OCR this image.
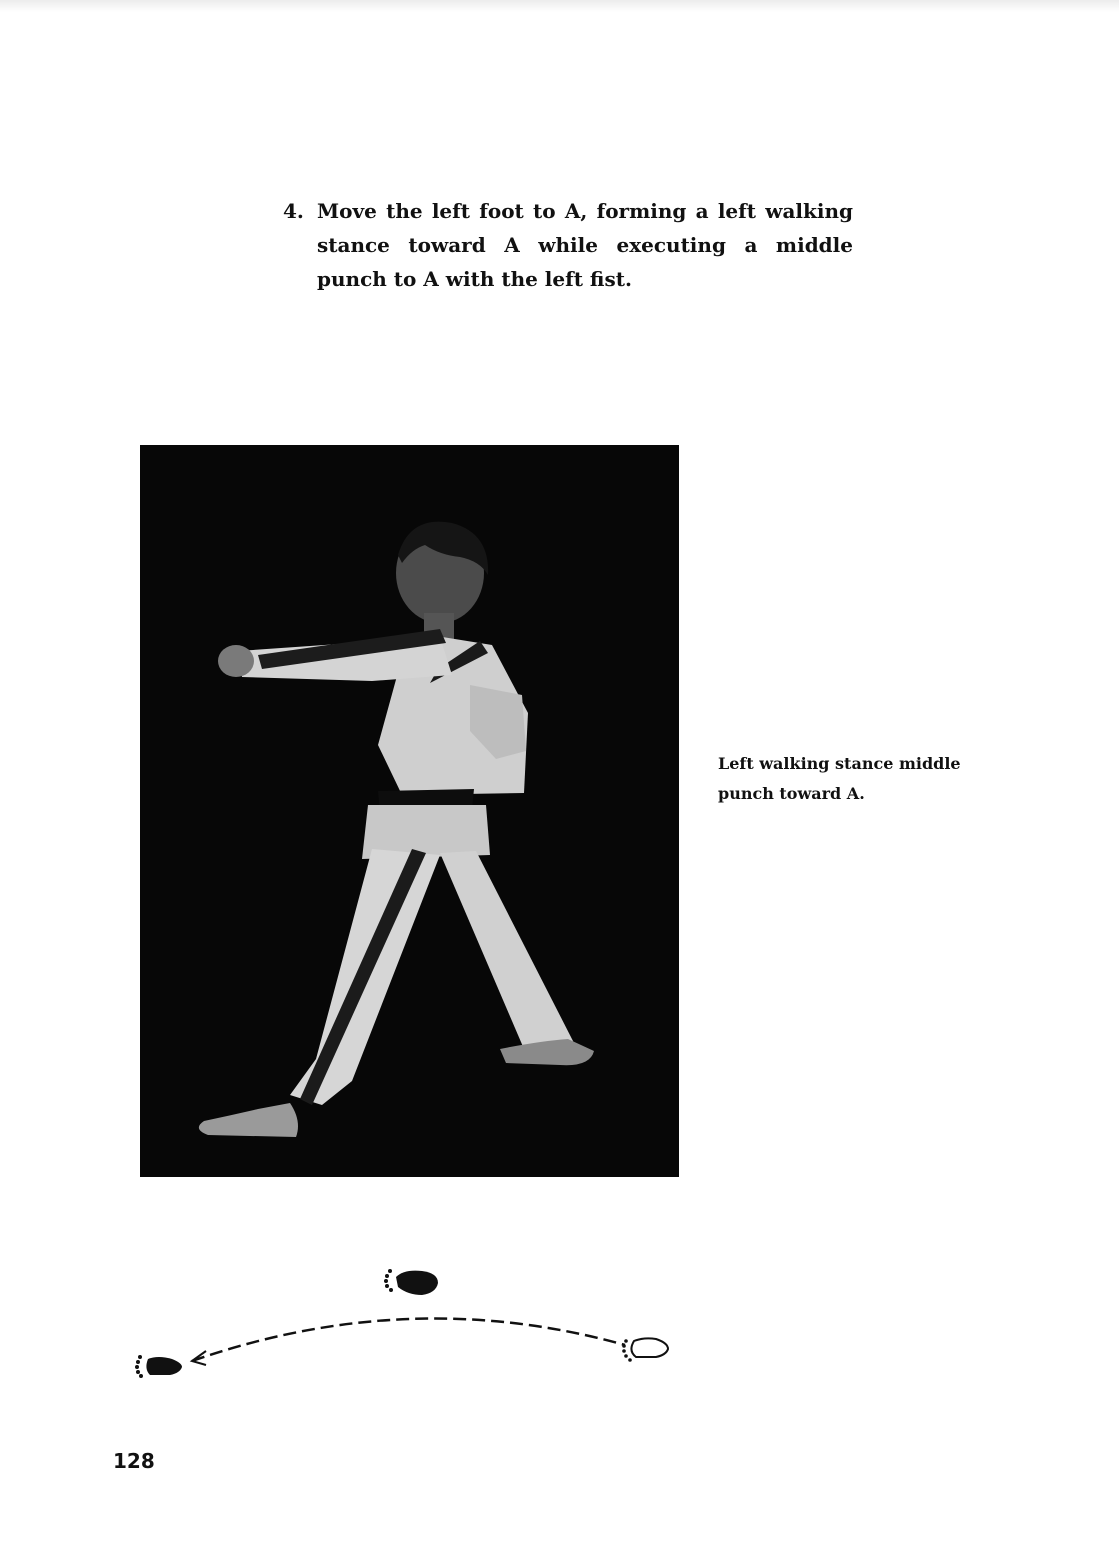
4. Move the left foot to A, forming a left walking stance toward A while executing a middle punch to A with the left fist.

Left walking stance middle punch toward A.

128
